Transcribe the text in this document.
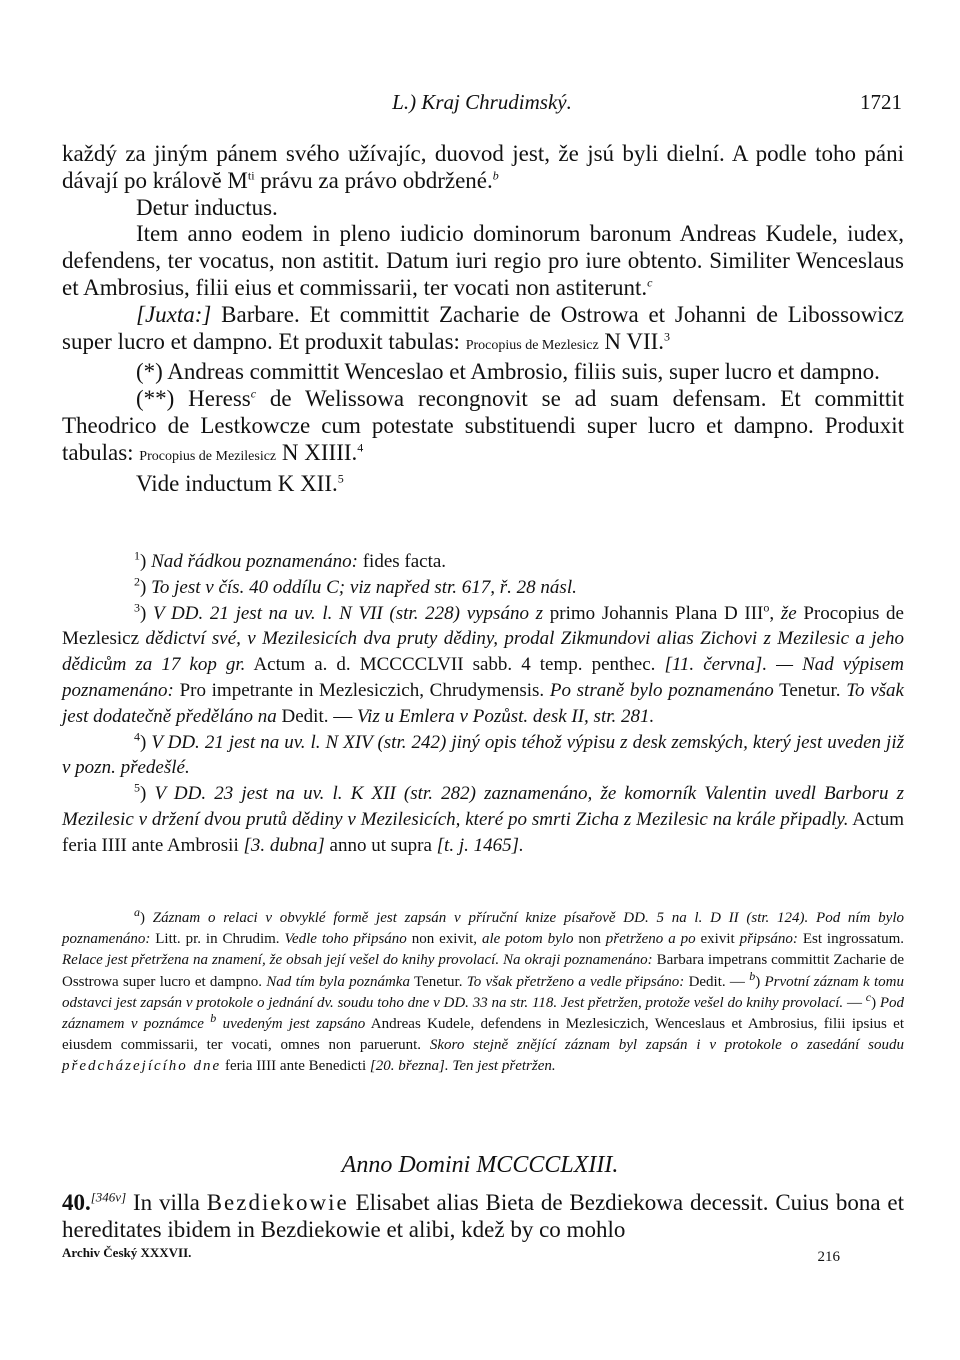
L.) Kraj Chrudimský.	1721

každý za jiným pánem svého užívajíc, duovod jest, že jsú byli dielní. A podle toho páni dávají po královĕ $M^{ti}$ právu za právo obdržené.$^b$

Detur inductus.

Item anno eodem in pleno iudicio dominorum baronum Andreas Kudele, iudex, defendens, ter vocatus, non astitit. Datum iuri regio pro iure obtento. Similiter Wenceslaus et Ambrosius, filii eius et commissarii, ter vocati non astiterunt.$^c$

[Juxta:] Barbare. Et committit Zacharie de Ostrowa et Johanni de Libossowicz super lucro et dampno. Et produxit tabulas: Procopius de Mezlesicz N VII.$^3$

(*) Andreas committit Wenceslao et Ambrosio, filiis suis, super lucro et dampno.

(**) Heress$^c$ de Welissowa recongnovit se ad suam defensam. Et committit Theodrico de Lestkowcze cum potestate substituendi super lucro et dampno. Produxit tabulas: Procopius de Mezilesicz N XIIII.$^4$

Vide inductum K XII.$^5$

$^1$) Nad řádkou poznamenáno: fides facta.

$^2$) To jest v čís. 40 oddílu C; viz napřed str. 617, ř. 28 násl.

$^3$) V DD. 21 jest na uv. l. N VII (str. 228) vypsáno z primo Johannis Plana D III$^o$, že Procopius de Mezlesicz dědictví své, v Mezilesicích dva pruty dědiny, prodal Zikmundovi alias Zichovi z Mezilesic a jeho dědicům za 17 kop gr. Actum a. d. MCCCCLVII sabb. 4 temp. penthec. [11. června]. — Nad výpisem poznamenáno: Pro impetrante in Mezlesiczich, Chrudymensis. Po straně bylo poznamenáno Tenetur. To však jest dodatečně předěláno na Dedit. — Viz u Emlera v Pozůst. desk II, str. 281.

$^4$) V DD. 21 jest na uv. l. N XIV (str. 242) jiný opis téhož výpisu z desk zemských, který jest uveden již v pozn. předešlé.

$^5$) V DD. 23 jest na uv. l. K XII (str. 282) zaznamenáno, že komorník Valentin uvedl Barboru z Mezilesic v držení dvou prutů dědiny v Mezilesicích, které po smrti Zicha z Mezilesic na krále připadly. Actum feria IIII ante Ambrosii [3. dubna] anno ut supra [t. j. 1465].

$^a$) Záznam o relaci v obvyklé formě jest zapsán v příruční knize písařově DD. 5 na l. D II (str. 124). Pod ním bylo poznamenáno: Litt. pr. in Chrudim. Vedle toho připsáno non exivit, ale potom bylo non přetrženo a po exivit připsáno: Est ingrossatum. Relace jest přetržena na znamení, že obsah její vešel do knihy provolací. Na okraji poznamenáno: Barbara impetrans committit Zacharie de Osstrowa super lucro et dampno. Nad tím byla poznámka Tenetur. To však přetrženo a vedle připsáno: Dedit. — $^b$) Prvotní záznam k tomu odstavci jest zapsán v protokole o jednání dv. soudu toho dne v DD. 33 na str. 118. Jest přetržen, protože vešel do knihy provolací. — $^c$) Pod záznamem v poznámce $^b$ uvedeným jest zapsáno Andreas Kudele, defendens in Mezlesiczich, Wenceslaus et Ambrosius, filii ipsius et eiusdem commissarii, ter vocati, omnes non paruerunt. Skoro stejně znějící záznam byl zapsán i v protokole o zasedání soudu předcházejícího dne feria IIII ante Benedicti [20. března]. Ten jest přetržen.

Anno Domini MCCCCLXIII.

40.[346v] In villa Bezdiekowie Elisabet alias Bieta de Bezdiekowa decessit. Cuius bona et hereditates ibidem in Bezdiekowie et alibi, kdež by co mohlo

Archiv Český XXXVII.	216
